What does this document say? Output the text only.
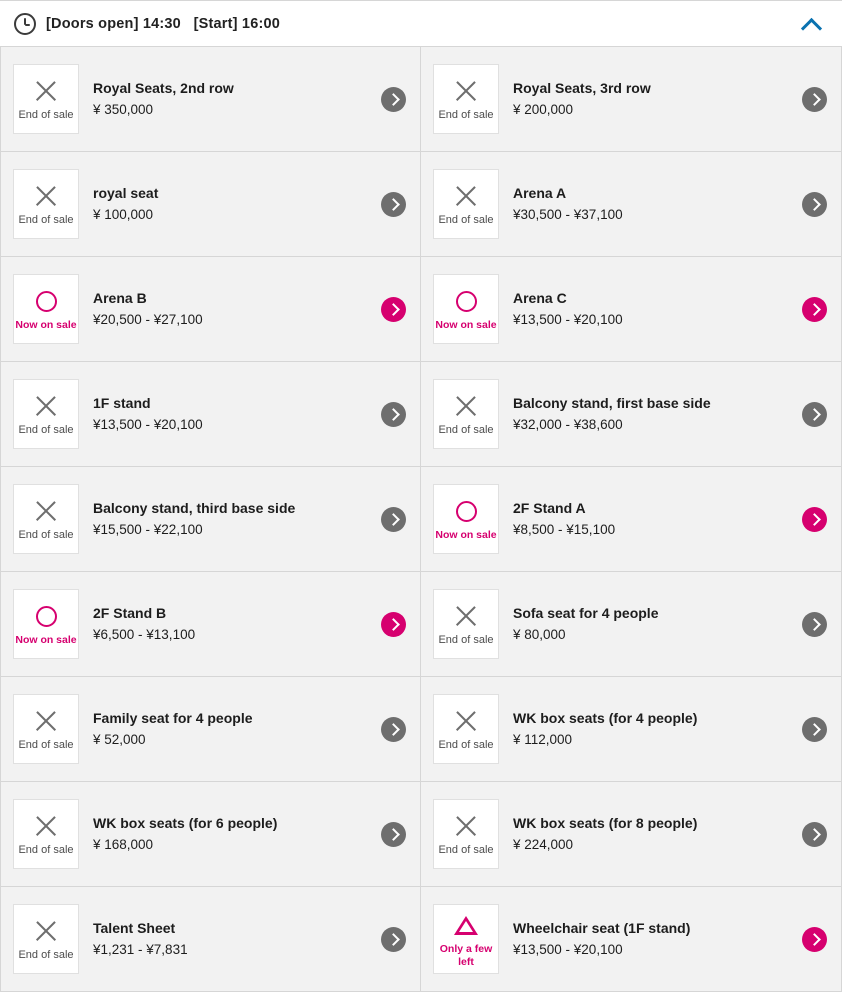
[Doors open] 14:30   [Start] 16:00
End of sale
Royal Seats, 2nd row
¥ 350,000	End of sale
Royal Seats, 3rd row
¥ 200,000
End of sale
royal seat
¥ 100,000	End of sale
Arena A
¥30,500 - ¥37,100
Now on sale
Arena B
¥20,500 - ¥27,100	Now on sale
Arena C
¥13,500 - ¥20,100
End of sale
1F stand
¥13,500 - ¥20,100	End of sale
Balcony stand, first base side
¥32,000 - ¥38,600
End of sale
Balcony stand, third base side
¥15,500 - ¥22,100	Now on sale
2F Stand A
¥8,500 - ¥15,100
Now on sale
2F Stand B
¥6,500 - ¥13,100	End of sale
Sofa seat for 4 people
¥ 80,000
End of sale
Family seat for 4 people
¥ 52,000	End of sale
WK box seats (for 4 people)
¥ 112,000
End of sale
WK box seats (for 6 people)
¥ 168,000	End of sale
WK box seats (for 8 people)
¥ 224,000
End of sale
Talent Sheet
¥1,231 - ¥7,831	Only a few left
Wheelchair seat (1F stand)
¥13,500 - ¥20,100
